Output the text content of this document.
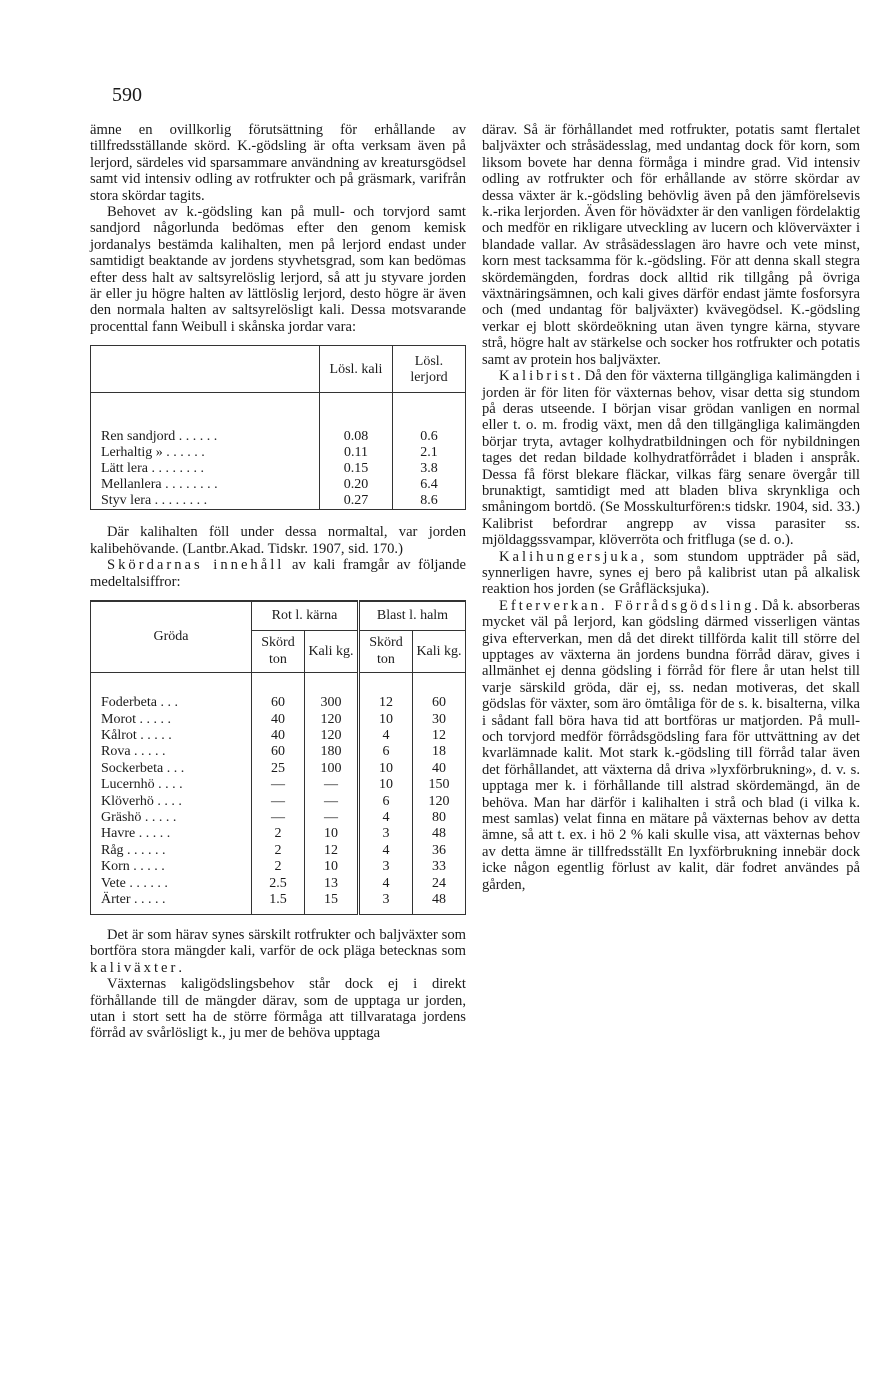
590

ämne en ovillkorlig förutsättning för erhållande av tillfredsställande skörd. K.-gödsling är ofta verksam även på lerjord, särdeles vid sparsammare användning av kreatursgödsel samt vid intensiv odling av rotfrukter och på gräsmark, varifrån stora skördar tagits.

Behovet av k.-gödsling kan på mull- och torvjord samt sandjord någorlunda bedömas efter den genom kemisk jordanalys bestämda kalihalten, men på lerjord endast under samtidigt beaktande av jordens styvhetsgrad, som kan bedömas efter dess halt av saltsyrelöslig lerjord, så att ju styvare jorden är eller ju högre halten av lättlöslig lerjord, desto högre är även den normala halten av saltsyrelösligt kali. Dessa motsvarande procenttal fann Weibull i skånska jordar vara:

	Lösl. kali	Lösl. lerjord

Ren sandjord . . . . . .	0.08	0.6
Lerhaltig » . . . . . .	0.11	2.1
Lätt lera . . . . . . . .	0.15	3.8
Mellanlera . . . . . . . .	0.20	6.4
Styv lera . . . . . . . .	0.27	8.6

Där kalihalten föll under dessa normaltal, var jorden kalibehövande. (Lantbr.Akad. Tidskr. 1907, sid. 170.)

Skördarnas innehåll av kali framgår av följande medeltalsiffror:

Gröda	Rot l. kärna		Blast l. halm	
	Skörd ton	Kali kg.	Skörd ton	Kali kg.

Foderbeta . . .	60	300	12	60
Morot . . . . .	40	120	10	30
Kålrot . . . . .	40	120	4	12
Rova . . . . .	60	180	6	18
Sockerbeta . . .	25	100	10	40
Lucernhö . . . .	—	—	10	150
Klöverhö . . . .	—	—	6	120
Gräshö . . . . .	—	—	4	80
Havre . . . . .	2	10	3	48
Råg . . . . . .	2	12	4	36
Korn . . . . .	2	10	3	33
Vete . . . . . .	2.5	13	4	24
Ärter . . . . .	1.5	15	3	48

Det är som härav synes särskilt rotfrukter och baljväxter som bortföra stora mängder kali, varför de ock pläga betecknas som kaliväxter.

Växternas kaligödslingsbehov står dock ej i direkt förhållande till de mängder därav, som de upptaga ur jorden, utan i stort sett ha de större förmåga att tillvarataga jordens förråd av svårlösligt k., ju mer de behöva upptaga

därav. Så är förhållandet med rotfrukter, potatis samt flertalet baljväxter och stråsädesslag, med undantag dock för korn, som liksom bovete har denna förmåga i mindre grad. Vid intensiv odling av rotfrukter och för erhållande av större skördar av dessa växter är k.-gödsling behövlig även på den jämförelsevis k.-rika lerjorden. Även för hövädxter är den vanligen fördelaktig och medför en rikligare utveckling av lucern och klöverväxter i blandade vallar. Av stråsädesslagen äro havre och vete minst, korn mest tacksamma för k.-gödsling. För att denna skall stegra skördemängden, fordras dock alltid rik tillgång på övriga växtnäringsämnen, och kali gives därför endast jämte fosforsyra och (med undantag för baljväxter) kvävegödsel. K.-gödsling verkar ej blott skördeökning utan även tyngre kärna, styvare strå, högre halt av stärkelse och socker hos rotfrukter och potatis samt av protein hos baljväxter.

Kalibrist. Då den för växterna tillgängliga kalimängden i jorden är för liten för växternas behov, visar detta sig stundom på deras utseende. I början visar grödan vanligen en normal eller t. o. m. frodig växt, men då den tillgängliga kalimängden börjar tryta, avtager kolhydratbildningen och för nybildningen tages det redan bildade kolhydratförrådet i bladen i anspråk. Dessa få först blekare fläckar, vilkas färg senare övergår till brunaktigt, samtidigt med att bladen bliva skrynkliga och småningom bortdö. (Se Mosskulturfören:s tidskr. 1904, sid. 33.) Kalibrist befordrar angrepp av vissa parasiter ss. mjöldaggssvampar, klöverröta och fritfluga (se d. o.).

Kalihungersjuka, som stundom uppträder på säd, synnerligen havre, synes ej bero på kalibrist utan på alkalisk reaktion hos jorden (se Gråfläcksjuka).

Efterverkan. Förrådsgödsling. Då k. absorberas mycket väl på lerjord, kan gödsling därmed visserligen väntas giva efterverkan, men då det direkt tillförda kalit till större del upptages av växterna än jordens bundna förråd därav, gives i allmänhet ej denna gödsling i förråd för flere år utan helst till varje särskild gröda, där ej, ss. nedan motiveras, det skall gödslas för växter, som äro ömtåliga för de s. k. bisalterna, vilka i sådant fall böra hava tid att bortföras ur matjorden. På mull- och torvjord medför förrådsgödsling fara för uttvättning av det kvarlämnade kalit. Mot stark k.-gödsling till förråd talar även det förhållandet, att växterna då driva »lyxförbrukning», d. v. s. upptaga mer k. i förhållande till alstrad skördemängd, än de behöva. Man har därför i kalihalten i strå och blad (i vilka k. mest samlas) velat finna en mätare på växternas behov av detta ämne, så att t. ex. i hö 2 % kali skulle visa, att växternas behov av detta ämne är tillfredsställt En lyxförbrukning innebär dock icke någon egentlig förlust av kalit, där fodret användes på gården,
